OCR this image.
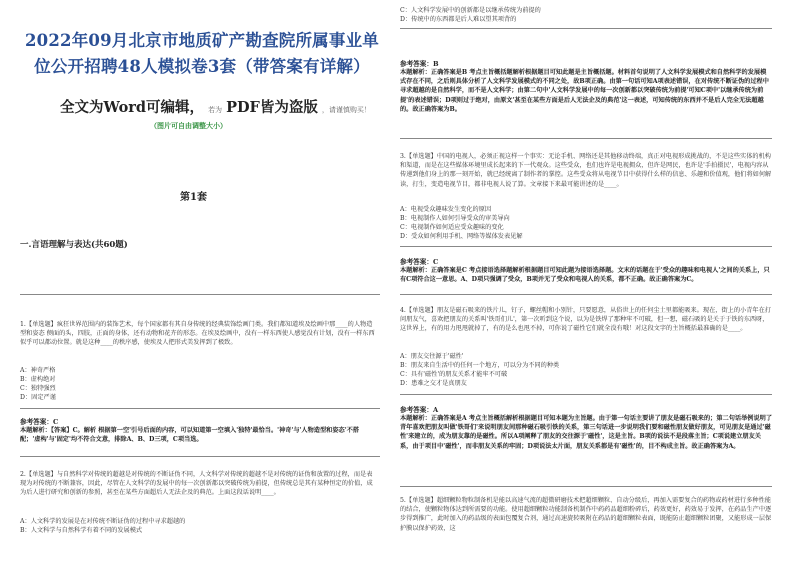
2022年09月北京市地质矿产勘查院所属事业单
位公开招聘48人模拟卷3套（带答案有详解）
全文为Word可编辑， 若为 PDF皆为盗版 ，请谨慎购买！
（图片可自由调整大小）
第1套
一.言语理解与表达(共60题)
1.【单选题】疯狂世界范围内的装饰艺术，每个国家都有其自身传统的经典装饰绘画门类。我们都知道埃及绘画中那____的人物造型和姿态 侧面的头，四肢，正面的身体，还有动物和花卉的形态。在埃及绘画中，没有一样东西使人感觉没有计划，没有一样东西似乎可以都动位置。就是这种____的秩序感，使埃及人把形式美发挥到了极致。
A：神奇严格
B：虚构绝对
C：独特强烈
D：固定严谨
参考答案：C
本题解析：【答案】C。解析 根据第一空'引号后面的内容，可以知道第一空填入'独特'最恰当。'神奇'与'人物造型和姿态'不搭配；'虚构'与'固定'均不符合文意，排除A、B、D三项，C项当选。
2.【单选题】与自然科学对传统的超越是对传统的不断证伪不同，人文科学对传统的超越不是对传统的证伪和放置的过程，而是表现为对传统的不断兼容，因此，尽管在人文科学的发展中的每一次创新都以突破传统为前提，但传统总是其有某种恒定的价值，成为后人进行研究和创新的参照，甚至在某些方面超后人无法企及的典范。上面这段话说明____。
A：人文科学的发展是在对传统不断证伪的过程中寻求超越的
B：人文科学与自然科学有着不同的发展模式
C：人文科学发展中的创新都是以继承传统为前提的
D：传统中的东西都是后人难以望其项背的
参考答案：B
本题解析：正确答案是B 考点主旨概括题解析根据题目可知此题是主旨概括题。材料首句说明了人文科学发展模式和自然科学的发展模式存在不同，之后则具体分析了人文科学发展模式的不同之处，故B项正确。由第一句话可知A项表述错误，在对传统不断证伪的过程中寻求超越的是自然科学，而不是人文科学；由第二句中'人文科学发展中的每一次创新都以突破传统为前提'可知C项中'以继承传统为前提'的表述错误；D项则过于绝对，由原文'甚至在某些方面是后人无法企及的典范'这一表述，可知传统的东西并不是后人完全无法超越的。故正确答案为B。
3.【单选题】中国的电视人，必须正视这样一个事实：无论手机、网络还是其他移动终端，真正对电视形成挑战的，不是这些实体的机构和渠道，而是在这些媒体环境里成长起来的下一代观众。这些受众，也们也许是电视拥众，但许是网民，也许是'手拍摄民'，电视内容从传递到他们身上的那一刻开始，就已经统离了制作者的掌控。这些受众将从电视节目中获得什么样的信息、乐趣和价值观，他们将如何解读，打生，变造电视节目，都非电视人说了算。文章接下来最可能讲述的是____。
A：电视受众趣味发生变化的原因
B：电视制作人如何引导受众的审美导向
C：电视制作如何适应受众趣味的变化
D：受众如何利用手机、网络等媒体发表见解
参考答案：C
本题解析：正确答案是C 考点接语选择题解析根据题目可知此题为接语选择题。文末的话题在于'受众的趣味和电视人'之间的关系上，只有C项符合这一意思。A、D项只强调了受众，B项并无了受众和电视人的关系，都不正确。故正确答案为C。
4.【单选题】朋友是磁石吸来的铁片儿，钉子，螺丝帽和小别针，只要愿意，从俗世上的任何尘土里都能吸来。现在，街上的小青年在打问朋友气，喜欢把朋友的关系叫'铁哥们儿'，第一次听到这个说，以为是铁焊了那种牢不可破，但一想，磁石吸的是关于于铁的东西呀，这世界上，有的用力甩甩就掉了，有的是么也甩不掉，可你说了磁性它们就全没有哦！对这段文字的主旨概括最准确的是____。
A：朋友交往源于'磁性'
B：朋友来自生活中的任何一个地方，可以分为不同的种类
C：具有'磁性'的朋友关系才能牢不可破
D：患难之交才是真朋友
参考答案：A
本题解析：正确答案是A 考点主旨概括解析根据题目可知本题为主旨题。由于第一句话主要讲了朋友是磁石吸来的；第二句话举例说明了青年喜欢把朋友叫做'铁哥们'来说明朋友间那种磁石吸引铁的关系，第三句话进一步说明我们要和磁性朋友做好朋友，可见朋友是通过'磁性'来建立的，成为朋友靠的是磁性。所以A项阐释了朋友的交往源于'磁性'，这是主旨。B项的说法不是段落主旨；C项说建立朋友关系，由于项目中'磁性'，而非朋友关系的牢固；D项说法太片面，朋友关系都是有'磁性'的，目不构成主旨。故正确答案为A。
5.【单选题】超细颗粒物粒制备机是能以高速气流的超微研磨技术把超细颗粒、自动分级后，再加入需要复合的药物或药材进行多种性能的结合，使颗粒物体达到所需要的功能。使用超细颗粒功能制备机制作中药药品超细粉碎后，药效更好，药效易于发挥，在药品生产中逐步得到推广，此时加入的药品级的表面包覆复合剂，通过高速旋转吸附在药品的超细颗粒表面，既能防止超细颗粒团聚，又能形成一层保护膜以保护药效，这
